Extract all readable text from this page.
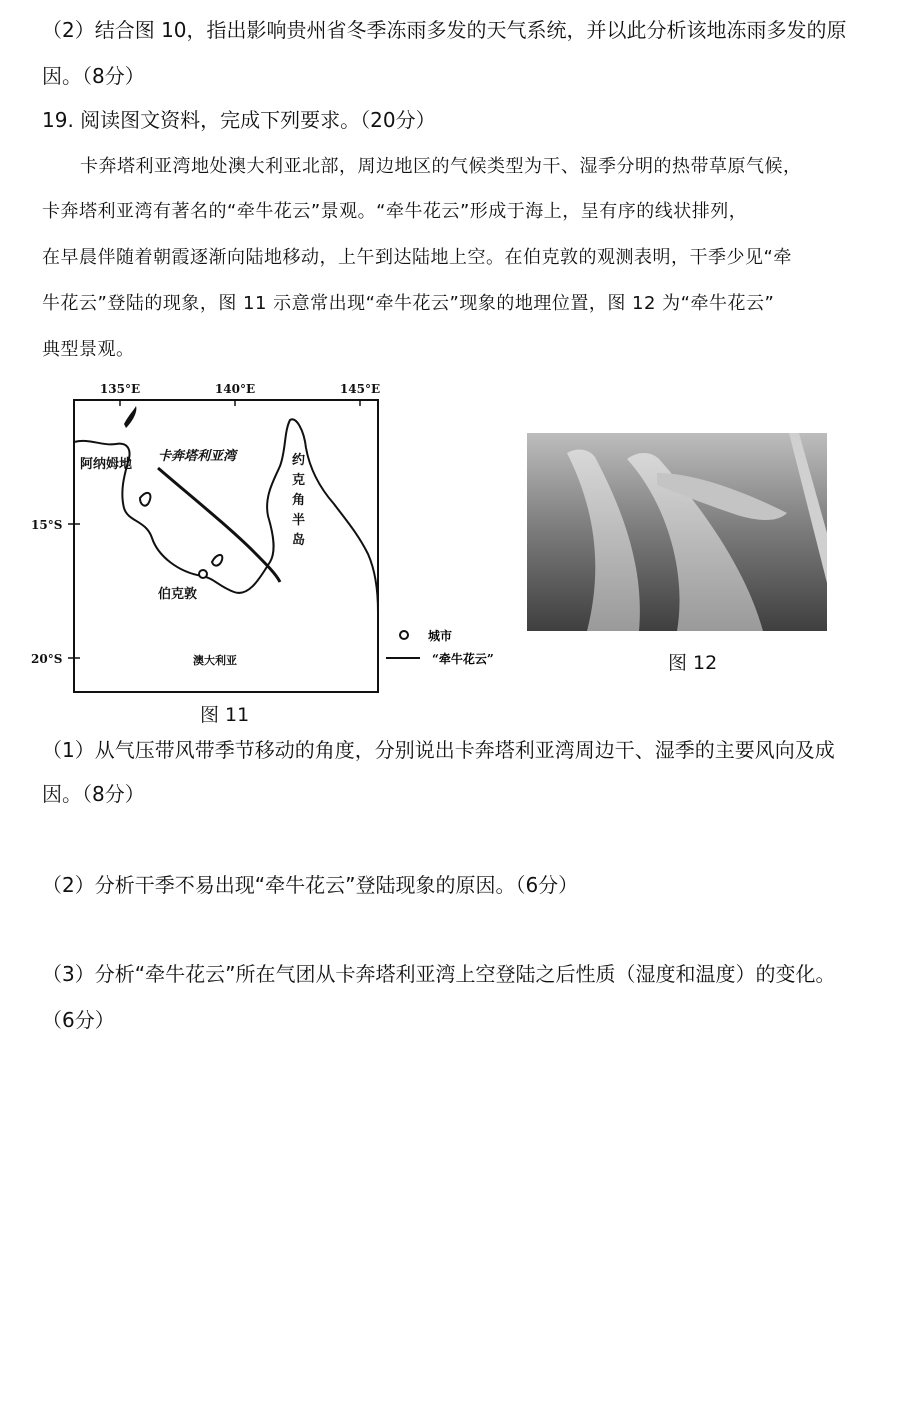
（2）结合图 10，指出影响贵州省冬季冻雨多发的天气系统，并以此分析该地冻雨多发的原
因。（8分）
19. 阅读图文资料，完成下列要求。（20分）
卡奔塔利亚湾地处澳大利亚北部，周边地区的气候类型为干、湿季分明的热带草原气候，
卡奔塔利亚湾有著名的“牵牛花云”景观。“牵牛花云”形成于海上，呈有序的线状排列，
在早晨伴随着朝霞逐渐向陆地移动，上午到达陆地上空。在伯克敦的观测表明，干季少见“牵
牛花云”登陆的现象，图 11 示意常出现“牵牛花云”现象的地理位置，图 12 为“牵牛花云”
典型景观。
135°E	140°E	145°E
15°S
20°S
阿纳姆地
卡奔塔利亚湾
伯克敦
澳大利亚
约
克
角
半
岛
城市
“牵牛花云”
图 11
图 12
（1）从气压带风带季节移动的角度，分别说出卡奔塔利亚湾周边干、湿季的主要风向及成
因。（8分）
（2）分析干季不易出现“牵牛花云”登陆现象的原因。（6分）
（3）分析“牵牛花云”所在气团从卡奔塔利亚湾上空登陆之后性质（湿度和温度）的变化。
（6分）
